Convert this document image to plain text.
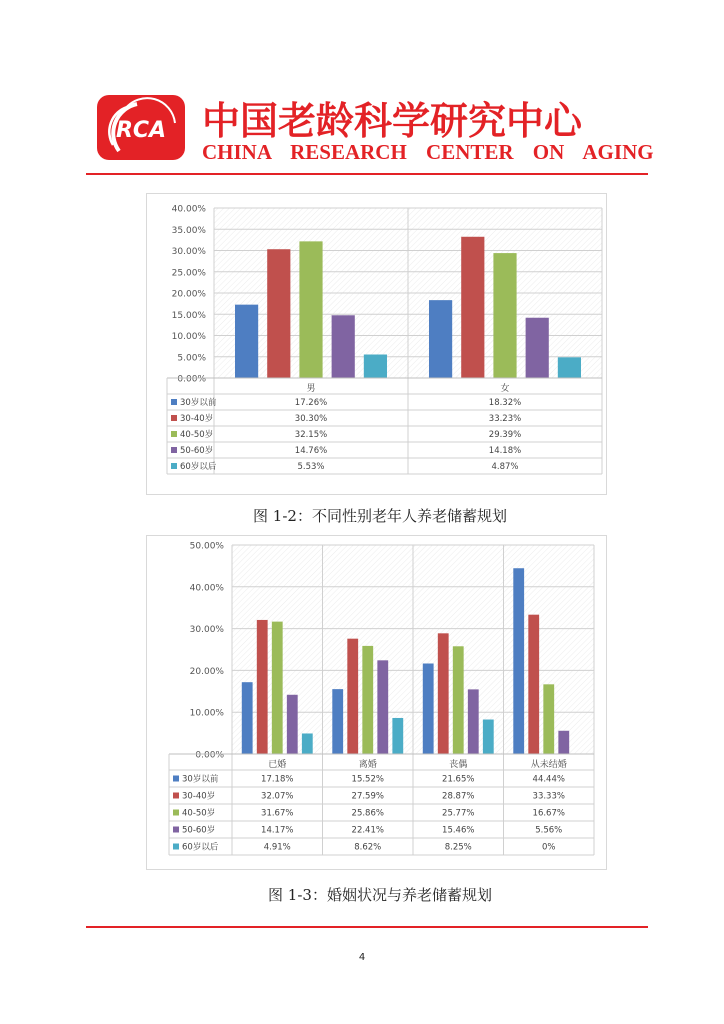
RCA 中国老龄科学研究中心
CHINA RESEARCH CENTER ON AGING
0.00%
5.00%
10.00%
15.00%
20.00%
25.00%
30.00%
35.00%
40.00%
男	女
30岁以前	17.26%	18.32%
30-40岁	30.30%	33.23%
40-50岁	32.15%	29.39%
50-60岁	14.76%	14.18%
60岁以后	5.53%	4.87%
图 1-2：不同性别老年人养老储蓄规划
0.00%
10.00%
20.00%
30.00%
40.00%
50.00%
已婚	离婚	丧偶	从未结婚
30岁以前	17.18%	15.52%	21.65%	44.44%
30-40岁	32.07%	27.59%	28.87%	33.33%
40-50岁	31.67%	25.86%	25.77%	16.67%
50-60岁	14.17%	22.41%	15.46%	5.56%
60岁以后	4.91%	8.62%	8.25%	0%
图 1-3：婚姻状况与养老储蓄规划
4
